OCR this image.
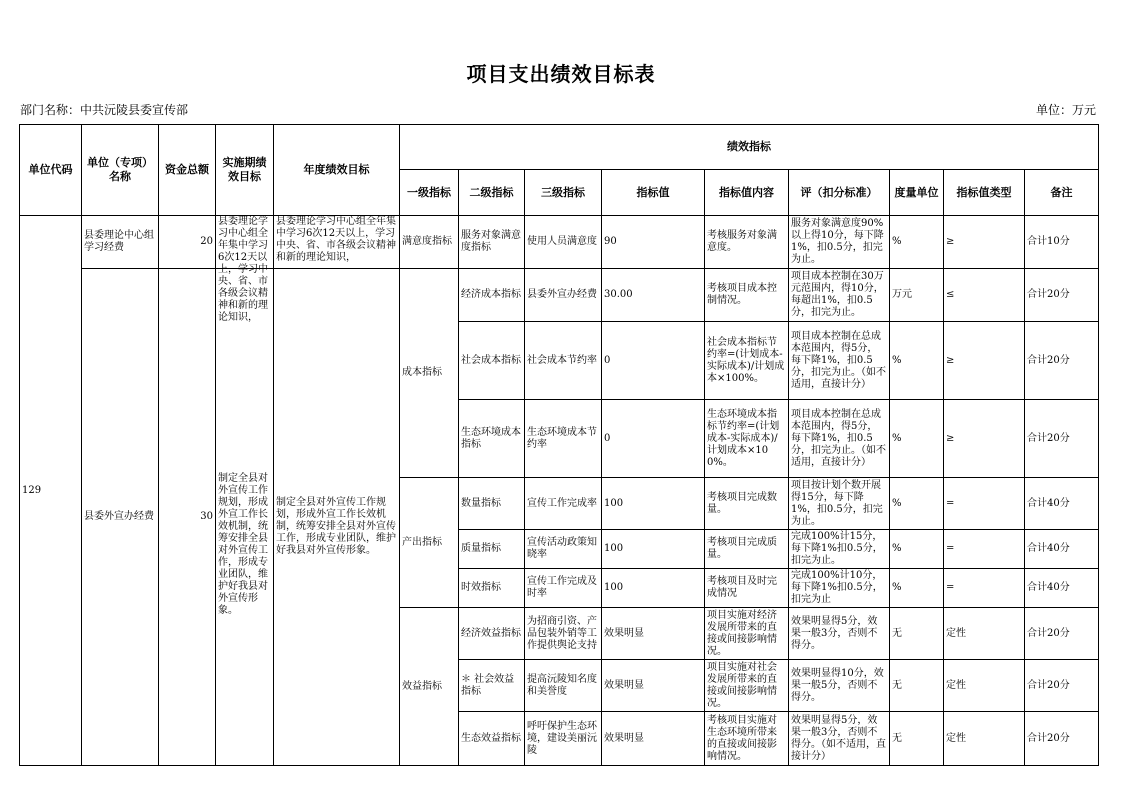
项目支出绩效目标表
部门名称：中共沅陵县委宣传部	单位：万元
单位代码	单位（专项）名称	资金总额	实施期绩效目标	年度绩效目标	绩效指标								
					一级指标	二级指标	三级指标	指标值	指标值内容	评（扣分标准）	度量单位	指标值类型	备注
129	县委理论中心组学习经费	20	县委理论学习中心组全年集中学习6次12天以上，学习中央、省、市各级会议精神和新的理论知识，	县委理论学习中心组全年集中学习6次12天以上，学习中央、省、市各级会议精神和新的理论知识，	满意度指标	服务对象满意度指标	使用人员满意度	90	考核服务对象满意度。	服务对象满意度90%以上得10分，每下降1%，扣0.5分，扣完为止。	%	≥	合计10分
	县委外宣办经费	30	制定全县对外宣传工作规划，形成外宣工作长效机制，统筹安排全县对外宣传工作，形成专业团队，维护好我县对外宣传形象。	制定全县对外宣传工作规划，形成外宣工作长效机制，统筹安排全县对外宣传工作，形成专业团队，维护好我县对外宣传形象。	成本指标	经济成本指标	县委外宣办经费	30.00	考核项目成本控制情况。	项目成本控制在30万元范围内，得10分，每超出1%，扣0.5分，扣完为止。	万元	≤	合计20分
						社会成本指标	社会成本节约率	0	社会成本指标节约率=(计划成本-实际成本)/计划成本×100%。	项目成本控制在总成本范围内，得5分，每下降1%，扣0.5分，扣完为止。（如不适用，直接计分）	%	≥	合计20分
						生态环境成本指标	生态环境成本节约率	0	生态环境成本指标节约率=(计划成本-实际成本)/计划成本×100%。	项目成本控制在总成本范围内，得5分，每下降1%，扣0.5分，扣完为止。（如不适用，直接计分）	%	≥	合计20分
					产出指标	数量指标	宣传工作完成率	100	考核项目完成数量。	项目按计划个数开展得15分，每下降1%，扣0.5分，扣完为止。	%	=	合计40分
						质量指标	宣传活动政策知晓率	100	考核项目完成质量。	完成100%计15分，每下降1%扣0.5分，扣完为止。	%	=	合计40分
						时效指标	宣传工作完成及时率	100	考核项目及时完成情况	完成100%计10分，每下降1%扣0.5分，扣完为止	%	=	合计40分
					效益指标	经济效益指标	为招商引资、产品包装外销等工作提供舆论支持	效果明显	项目实施对经济发展所带来的直接或间接影响情况。	效果明显得5分，效果一般3分，否则不得分。	无	定性	合计20分
						＊ 社会效益指标	提高沅陵知名度和美誉度	效果明显	项目实施对社会发展所带来的直接或间接影响情况。	效果明显得10分，效果一般5分，否则不得分。	无	定性	合计20分
						生态效益指标	呼吁保护生态环境，建设美丽沅陵	效果明显	考核项目实施对生态环境所带来的直接或间接影响情况。	效果明显得5分，效果一般3分，否则不得分。（如不适用，直接计分）	无	定性	合计20分
